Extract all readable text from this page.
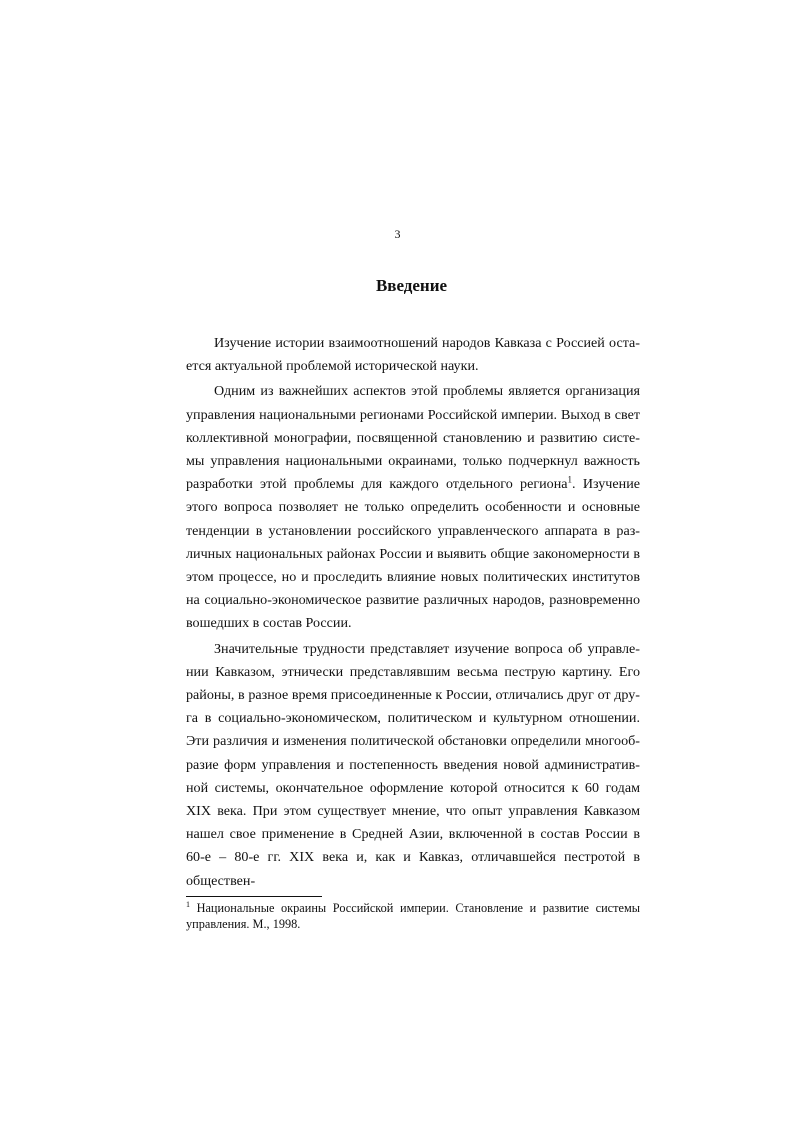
3
Введение

Изучение истории взаимоотношений народов Кавказа с Россией остается актуальной проблемой исторической науки.

Одним из важнейших аспектов этой проблемы является организация управления национальными регионами Российской империи. Выход в свет коллективной монографии, посвященной становлению и развитию системы управления национальными окраинами, только подчеркнул важность разработки этой проблемы для каждого отдельного региона$^1$. Изучение этого вопроса позволяет не только определить особенности и основные тенденции в установлении российского управленческого аппарата в различных национальных районах России и выявить общие закономерности в этом процессе, но и проследить влияние новых политических институтов на социально-экономическое развитие различных народов, разновременно вошедших в состав России.

Значительные трудности представляет изучение вопроса об управлении Кавказом, этнически представлявшим весьма пеструю картину. Его районы, в разное время присоединенные к России, отличались друг от друга в социально-экономическом, политическом и культурном отношении. Эти различия и изменения политической обстановки определили многообразие форм управления и постепенность введения новой административной системы, окончательное оформление которой относится к 60 годам XIX века. При этом существует мнение, что опыт управления Кавказом нашел свое применение в Средней Азии, включенной в состав России в 60-е – 80-е гг. XIX века и, как и Кавказ, отличавшейся пестротой в обществен-

$^1$ Национальные окраины Российской империи. Становление и развитие системы управления. М., 1998.
